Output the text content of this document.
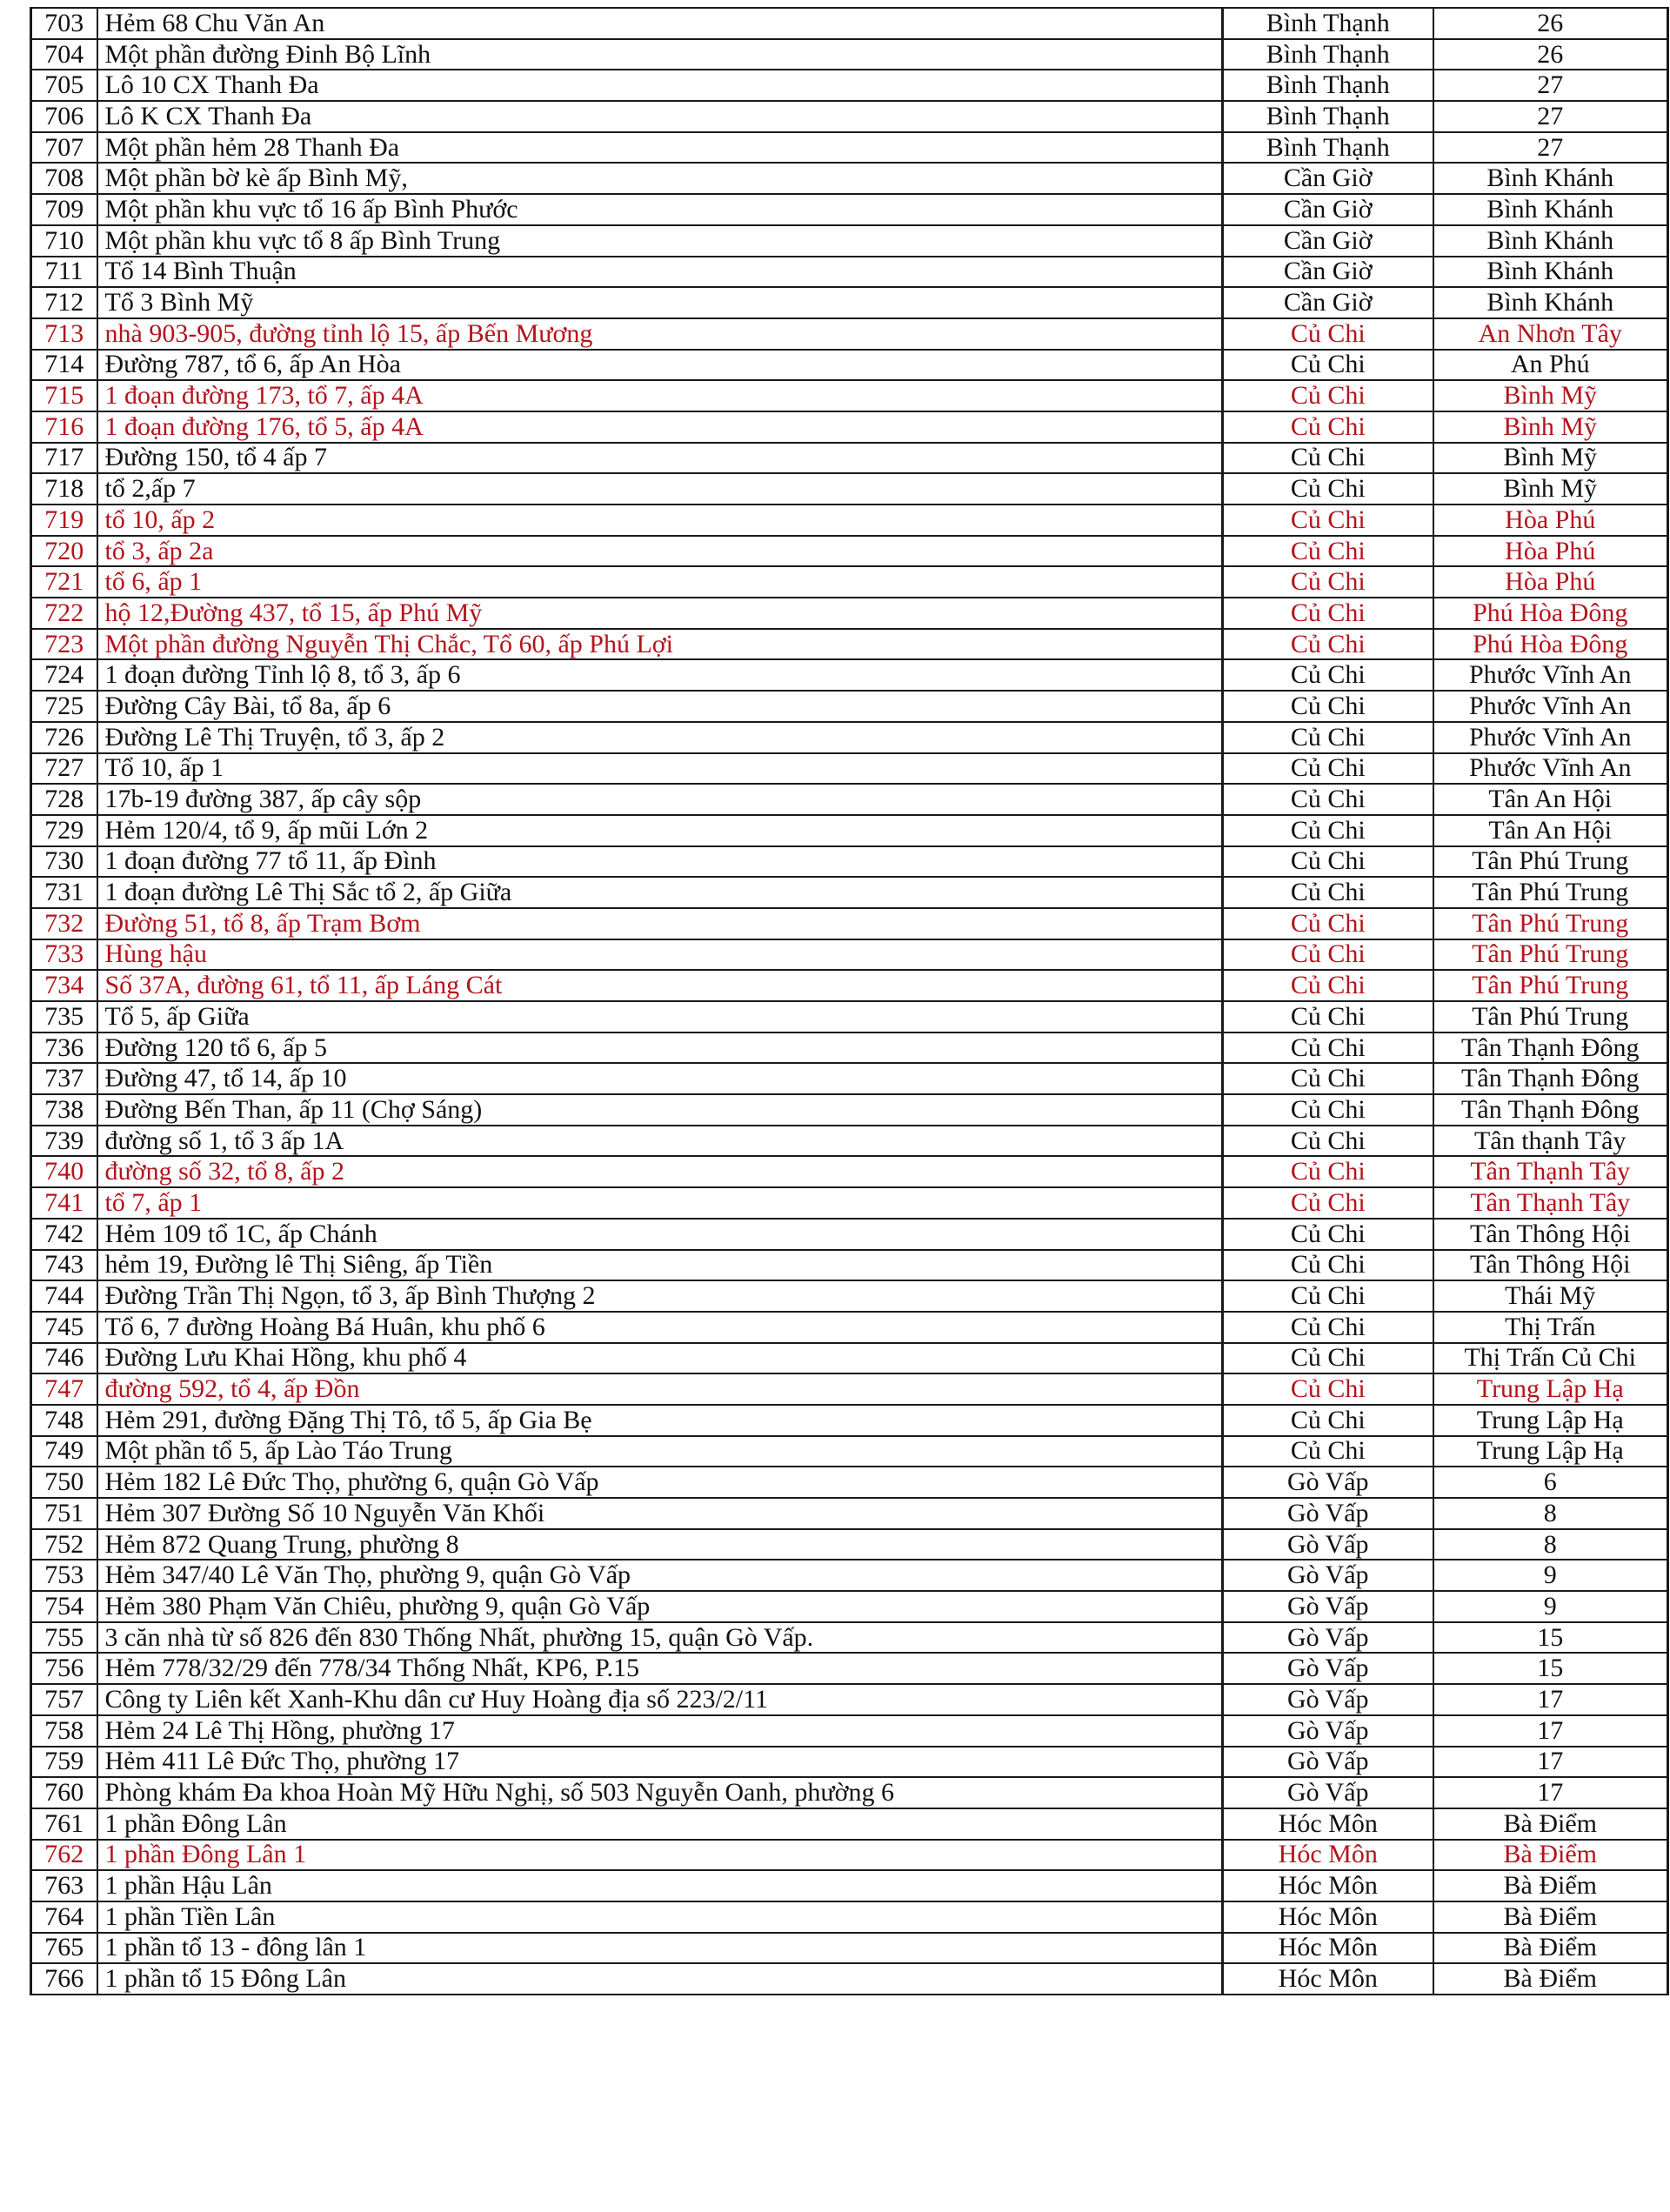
703	Hẻm 68 Chu Văn An	Bình Thạnh	26
704	Một phần đường Đinh Bộ Lĩnh	Bình Thạnh	26
705	Lô 10 CX Thanh Đa	Bình Thạnh	27
706	Lô K CX Thanh Đa	Bình Thạnh	27
707	Một phần hẻm 28 Thanh Đa	Bình Thạnh	27
708	Một phần bờ kè ấp Bình Mỹ,	Cần Giờ	Bình Khánh
709	Một phần khu vực tổ 16 ấp Bình Phước	Cần Giờ	Bình Khánh
710	Một phần khu vực tổ 8 ấp Bình Trung	Cần Giờ	Bình Khánh
711	Tổ 14 Bình Thuận	Cần Giờ	Bình Khánh
712	Tổ 3 Bình Mỹ	Cần Giờ	Bình Khánh
713	nhà 903-905, đường tỉnh lộ 15, ấp Bến Mương	Củ Chi	An Nhơn Tây
714	Đường 787, tổ 6, ấp An Hòa	Củ Chi	An Phú
715	1 đoạn đường 173, tổ 7, ấp 4A	Củ Chi	Bình Mỹ
716	1 đoạn đường 176, tổ 5, ấp 4A	Củ Chi	Bình Mỹ
717	Đường 150, tổ 4 ấp 7	Củ Chi	Bình Mỹ
718	tổ 2,ấp 7	Củ Chi	Bình Mỹ
719	tổ 10, ấp 2	Củ Chi	Hòa Phú
720	tổ 3, ấp 2a	Củ Chi	Hòa Phú
721	tổ 6, ấp 1	Củ Chi	Hòa Phú
722	hộ 12,Đường 437, tổ 15, ấp Phú Mỹ	Củ Chi	Phú Hòa Đông
723	Một phần đường Nguyễn Thị Chắc, Tổ 60, ấp Phú Lợi	Củ Chi	Phú Hòa Đông
724	1 đoạn đường Tỉnh lộ 8, tổ 3, ấp 6	Củ Chi	Phước Vĩnh An
725	Đường Cây Bài, tổ 8a, ấp 6	Củ Chi	Phước Vĩnh An
726	Đường Lê Thị Truyện, tổ 3, ấp 2	Củ Chi	Phước Vĩnh An
727	Tổ 10, ấp 1	Củ Chi	Phước Vĩnh An
728	17b-19 đường 387, ấp cây sộp	Củ Chi	Tân An Hội
729	Hẻm 120/4, tổ 9, ấp mũi Lớn 2	Củ Chi	Tân An Hội
730	1 đoạn đường 77 tổ 11, ấp Đình	Củ Chi	Tân Phú Trung
731	1 đoạn đường Lê Thị Sắc tổ 2, ấp Giữa	Củ Chi	Tân Phú Trung
732	Đường 51, tổ 8, ấp Trạm Bơm	Củ Chi	Tân Phú Trung
733	Hùng hậu	Củ Chi	Tân Phú Trung
734	Số 37A, đường 61, tổ 11, ấp Láng Cát	Củ Chi	Tân Phú Trung
735	Tổ 5, ấp Giữa	Củ Chi	Tân Phú Trung
736	Đường 120 tổ 6, ấp 5	Củ Chi	Tân Thạnh Đông
737	Đường 47, tổ 14, ấp 10	Củ Chi	Tân Thạnh Đông
738	Đường Bến Than, ấp 11 (Chợ Sáng)	Củ Chi	Tân Thạnh Đông
739	đường số 1, tổ 3 ấp 1A	Củ Chi	Tân thạnh Tây
740	đường số 32, tổ 8, ấp 2	Củ Chi	Tân Thạnh Tây
741	tổ 7, ấp 1	Củ Chi	Tân Thạnh Tây
742	Hẻm 109 tổ 1C, ấp Chánh	Củ Chi	Tân Thông Hội
743	hẻm 19, Đường lê Thị Siêng, ấp Tiền	Củ Chi	Tân Thông Hội
744	Đường Trần Thị Ngọn, tổ 3, ấp Bình Thượng 2	Củ Chi	Thái Mỹ
745	Tổ 6, 7 đường Hoàng Bá Huân, khu phố 6	Củ Chi	Thị Trấn
746	Đường Lưu Khai Hồng, khu phố 4	Củ Chi	Thị Trấn Củ Chi
747	đường 592, tổ 4, ấp Đồn	Củ Chi	Trung Lập Hạ
748	Hẻm 291, đường Đặng Thị Tô, tổ 5, ấp Gia Bẹ	Củ Chi	Trung Lập Hạ
749	Một phần tổ 5, ấp Lào Táo Trung	Củ Chi	Trung Lập Hạ
750	Hẻm 182 Lê Đức Thọ, phường 6, quận Gò Vấp	Gò Vấp	6
751	Hẻm 307 Đường Số 10 Nguyễn Văn Khối	Gò Vấp	8
752	Hẻm 872 Quang Trung, phường 8	Gò Vấp	8
753	Hẻm 347/40 Lê Văn Thọ, phường 9, quận Gò Vấp	Gò Vấp	9
754	Hẻm 380 Phạm Văn Chiêu, phường 9, quận Gò Vấp	Gò Vấp	9
755	3 căn nhà từ số 826 đến 830 Thống Nhất, phường 15, quận Gò Vấp.	Gò Vấp	15
756	Hẻm 778/32/29 đến 778/34 Thống Nhất, KP6, P.15	Gò Vấp	15
757	Công ty Liên kết Xanh-Khu dân cư Huy Hoàng địa số 223/2/11	Gò Vấp	17
758	Hẻm 24 Lê Thị Hồng, phường 17	Gò Vấp	17
759	Hẻm 411 Lê Đức Thọ, phường 17	Gò Vấp	17
760	Phòng khám Đa khoa Hoàn Mỹ Hữu Nghị, số 503 Nguyễn Oanh, phường 6	Gò Vấp	17
761	1 phần Đông Lân	Hóc Môn	Bà Điểm
762	1 phần Đông Lân 1	Hóc Môn	Bà Điểm
763	1 phần Hậu Lân	Hóc Môn	Bà Điểm
764	1 phần Tiền Lân	Hóc Môn	Bà Điểm
765	1 phần tổ 13 - đông lân 1	Hóc Môn	Bà Điểm
766	1 phần tổ 15 Đông Lân	Hóc Môn	Bà Điểm
